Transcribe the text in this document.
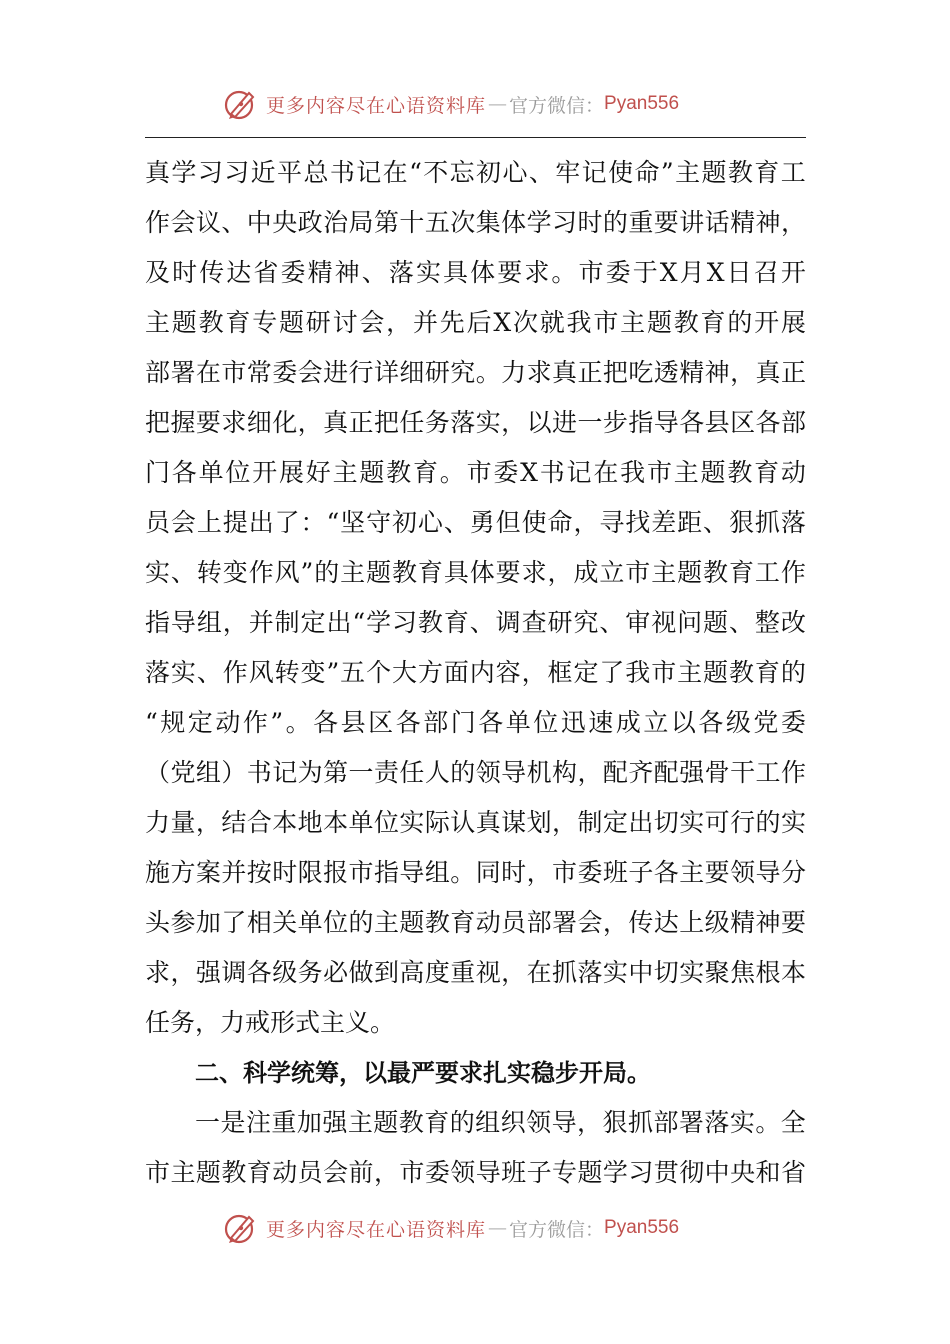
更多内容尽在心语资料库 — 官方微信： Pyan556
真 学 习 习 近 平 总 书 记 在 “ 不 忘 初 心 、 牢 记 使 命 ” 主 题 教 育 工
作 会 议 、 中 央 政 治 局 第 十 五 次 集 体 学 习 时 的 重 要 讲 话 精 神 ，
及 时 传 达 省 委 精 神 、 落 实 具 体 要 求 。 市 委 于 X 月 X 日 召 开
主 题 教 育 专 题 研 讨 会 ， 并 先 后 X 次 就 我 市 主 题 教 育 的 开 展
部 署 在 市 常 委 会 进 行 详 细 研 究 。 力 求 真 正 把 吃 透 精 神 ， 真 正
把 握 要 求 细 化 ， 真 正 把 任 务 落 实 ， 以 进 一 步 指 导 各 县 区 各 部
门 各 单 位 开 展 好 主 题 教 育 。 市 委 X 书 记 在 我 市 主 题 教 育 动
员 会 上 提 出 了 ： “ 坚 守 初 心 、 勇 但 使 命 ， 寻 找 差 距 、 狠 抓 落
实 、 转 变 作 风 ” 的 主 题 教 育 具 体 要 求 ， 成 立 市 主 题 教 育 工 作
指 导 组 ， 并 制 定 出 “ 学 习 教 育 、 调 查 研 究 、 审 视 问 题 、 整 改
落 实 、 作 风 转 变 ” 五 个 大 方 面 内 容 ， 框 定 了 我 市 主 题 教 育 的
“ 规 定 动 作 ” 。 各 县 区 各 部 门 各 单 位 迅 速 成 立 以 各 级 党 委
（ 党 组 ） 书 记 为 第 一 责 任 人 的 领 导 机 构 ， 配 齐 配 强 骨 干 工 作
力 量 ， 结 合 本 地 本 单 位 实 际 认 真 谋 划 ， 制 定 出 切 实 可 行 的 实
施 方 案 并 按 时 限 报 市 指 导 组 。 同 时 ， 市 委 班 子 各 主 要 领 导 分
头 参 加 了 相 关 单 位 的 主 题 教 育 动 员 部 署 会 ， 传 达 上 级 精 神 要
求 ， 强 调 各 级 务 必 做 到 高 度 重 视 ， 在 抓 落 实 中 切 实 聚 焦 根 本
任务，力戒形式主义。
二、科学统筹，以最严要求扎实稳步开局。
一 是 注 重 加 强 主 题 教 育 的 组 织 领 导 ， 狠 抓 部 署 落 实 。 全
市 主 题 教 育 动 员 会 前 ， 市 委 领 导 班 子 专 题 学 习 贯 彻 中 央 和 省
更多内容尽在心语资料库 — 官方微信： Pyan556
